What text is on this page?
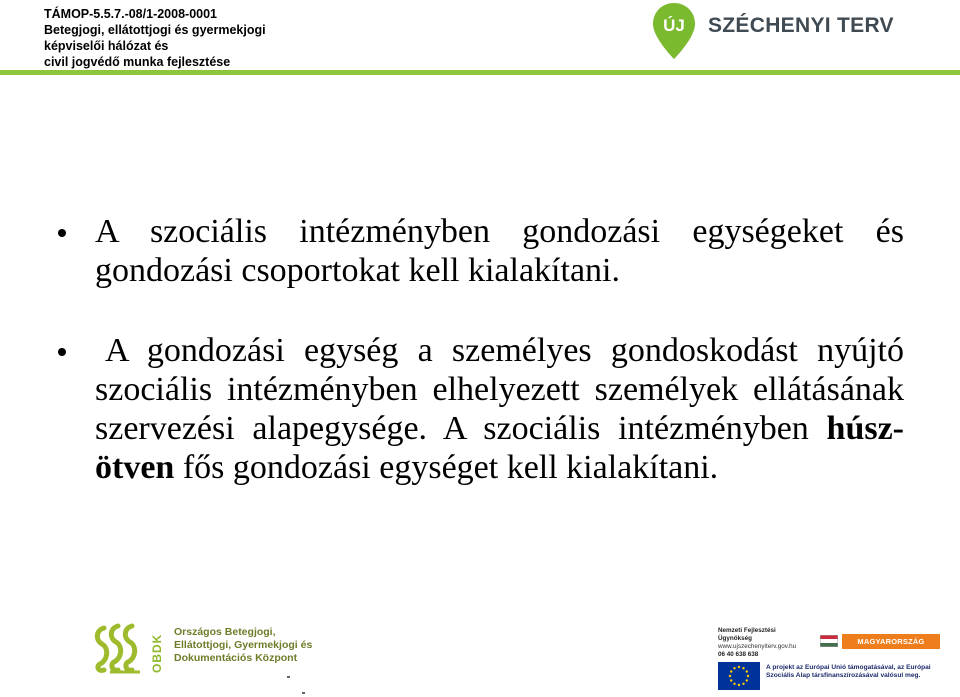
TÁMOP-5.5.7.-08/1-2008-0001
Betegjogi, ellátottjogi és gyermekjogi
képviselői hálózat és
civil jogvédő munka fejlesztése
ÚJ SZÉCHENYI TERV
A szociális intézményben gondozási egységeket és gondozási csoportokat kell kialakítani.
A gondozási egység a személyes gondoskodást nyújtó szociális intézményben elhelyezett személyek ellátásának szervezési alapegysége. A szociális intézményben húsz-ötven fős gondozási egységet kell kialakítani.
OBDK
Országos Betegjogi,
Ellátottjogi, Gyermekjogi és
Dokumentációs Központ
Nemzeti Fejlesztési Ügynökség
www.ujszechenyiterv.gov.hu
06 40 638 638
MAGYARORSZÁG MEGÚJUL
A projekt az Európai Unió támogatásával, az Európai Szociális Alap társfinanszírozásával valósul meg.
